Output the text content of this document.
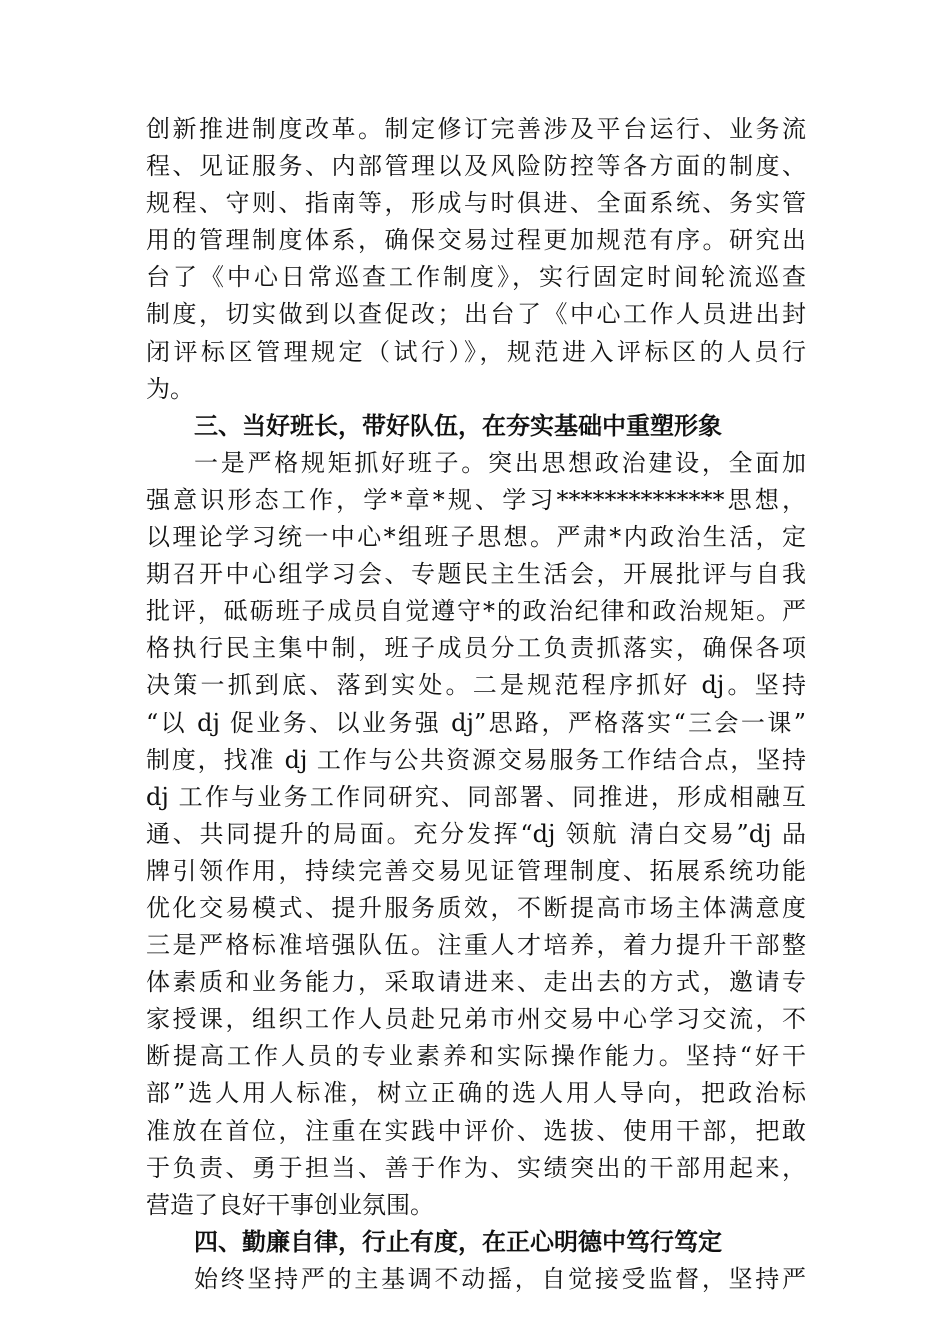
创新推进制度改革。制定修订完善涉及平台运行、业务流
程、见证服务、内部管理以及风险防控等各方面的制度、
规程、守则、指南等，形成与时俱进、全面系统、务实管
用的管理制度体系，确保交易过程更加规范有序。研究出
台了《中心日常巡查工作制度》，实行固定时间轮流巡查
制度，切实做到以查促改；出台了《中心工作人员进出封
闭评标区管理规定（试行）》，规范进入评标区的人员行
为。
三、当好班长，带好队伍，在夯实基础中重塑形象
一是严格规矩抓好班子。突出思想政治建设，全面加
强意识形态工作，学*章*规、学习**************思想，
以理论学习统一中心*组班子思想。严肃*内政治生活，定
期召开中心组学习会、专题民主生活会，开展批评与自我
批评，砥砺班子成员自觉遵守*的政治纪律和政治规矩。严
格执行民主集中制，班子成员分工负责抓落实，确保各项
决策一抓到底、落到实处。二是规范程序抓好 dj。坚持
“以 dj 促业务、以业务强 dj”思路，严格落实“三会一课”
制度，找准 dj 工作与公共资源交易服务工作结合点，坚持
dj 工作与业务工作同研究、同部署、同推进，形成相融互
通、共同提升的局面。充分发挥“dj 领航 清白交易”dj 品
牌引领作用，持续完善交易见证管理制度、拓展系统功能
优化交易模式、提升服务质效，不断提高市场主体满意度
三是严格标准培强队伍。注重人才培养，着力提升干部整
体素质和业务能力，采取请进来、走出去的方式，邀请专
家授课，组织工作人员赴兄弟市州交易中心学习交流，不
断提高工作人员的专业素养和实际操作能力。坚持“好干
部”选人用人标准，树立正确的选人用人导向，把政治标
准放在首位，注重在实践中评价、选拔、使用干部，把敢
于负责、勇于担当、善于作为、实绩突出的干部用起来，
营造了良好干事创业氛围。
四、勤廉自律，行止有度，在正心明德中笃行笃定
始终坚持严的主基调不动摇，自觉接受监督，坚持严
